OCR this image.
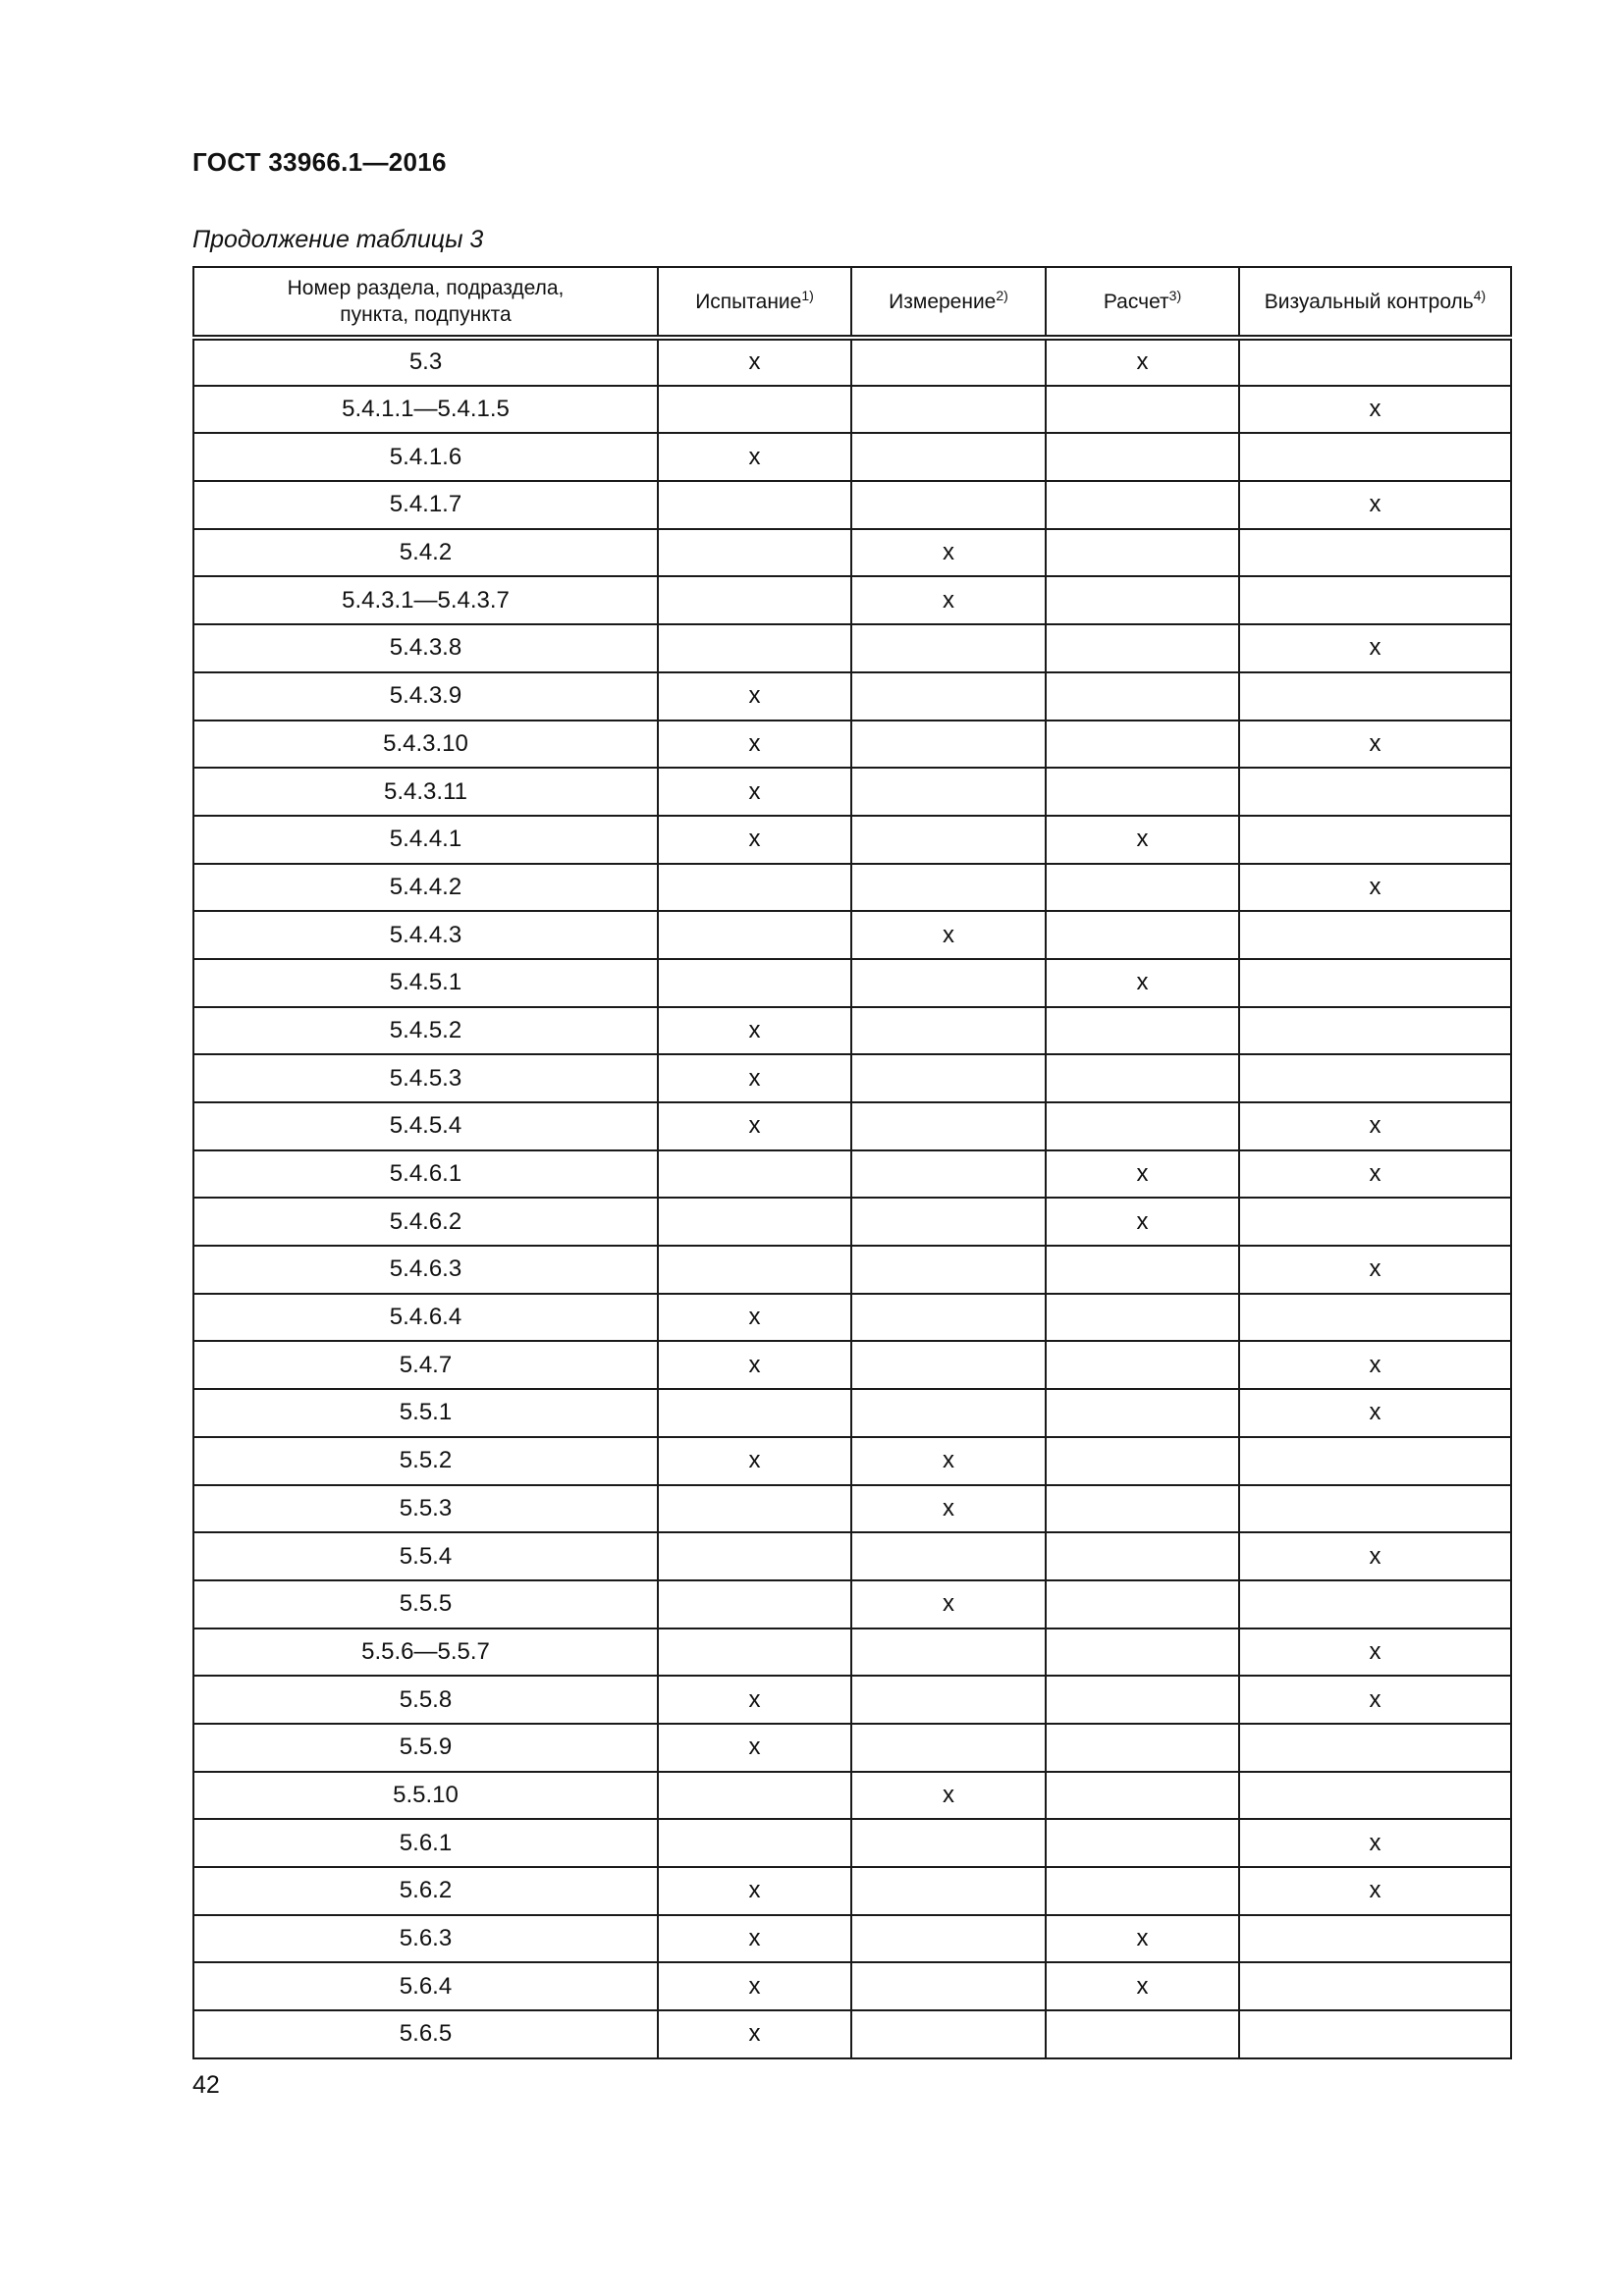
ГОСТ 33966.1—2016

Продолжение таблицы 3

Номер раздела, подраздела,
пункта, подпункта	Испытание$^{1)}$	Измерение$^{2)}$	Расчет$^{3)}$	Визуальный контроль$^{4)}$
5.3	x		x	
5.4.1.1—5.4.1.5				x
5.4.1.6	x			
5.4.1.7				x
5.4.2		x		
5.4.3.1—5.4.3.7		x		
5.4.3.8				x
5.4.3.9	x			
5.4.3.10	x			x
5.4.3.11	x			
5.4.4.1	x		x	
5.4.4.2				x
5.4.4.3		x		
5.4.5.1			x	
5.4.5.2	x			
5.4.5.3	x			
5.4.5.4	x			x
5.4.6.1			x	x
5.4.6.2			x	
5.4.6.3				x
5.4.6.4	x			
5.4.7	x			x
5.5.1				x
5.5.2	x	x		
5.5.3		x		
5.5.4				x
5.5.5		x		
5.5.6—5.5.7				x
5.5.8	x			x
5.5.9	x			
5.5.10		x		
5.6.1				x
5.6.2	x			x
5.6.3	x		x	
5.6.4	x		x	
5.6.5	x			

42
